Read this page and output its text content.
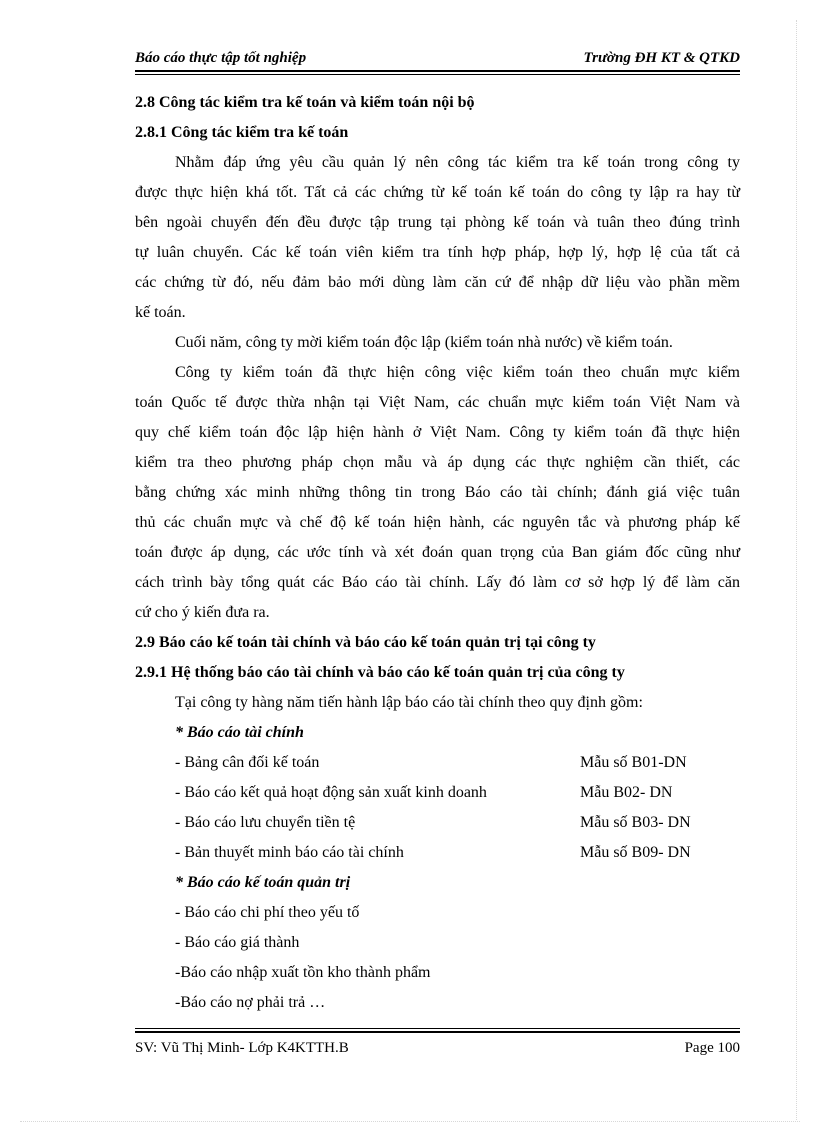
Báo cáo thực tập tốt nghiệp	Trường ĐH KT & QTKD
2.8 Công tác kiểm tra kế toán và kiểm toán nội bộ
2.8.1 Công tác kiểm tra kế toán
Nhằm đáp ứng yêu cầu quản lý nên công tác kiểm tra kế toán trong công ty
được thực hiện khá tốt. Tất cả các chứng từ kế toán kế toán do công ty lập ra hay từ
bên ngoài chuyển đến đều được tập trung tại phòng kế toán và tuân theo đúng trình
tự luân chuyển. Các kế toán viên kiểm tra tính hợp pháp, hợp lý, hợp lệ của tất cả
các chứng từ đó, nếu đảm bảo mới dùng làm căn cứ để nhập dữ liệu vào phần mềm
kế toán.
Cuối năm, công ty mời kiểm toán độc lập (kiểm toán nhà nước) về kiểm toán.
Công ty kiểm toán đã thực hiện công việc kiểm toán theo chuẩn mực kiểm
toán Quốc tế được thừa nhận tại Việt Nam, các chuẩn mực kiểm toán Việt Nam và
quy chế kiểm toán độc lập hiện hành ở Việt Nam. Công ty kiểm toán đã thực hiện
kiểm tra theo phương pháp chọn mẫu và áp dụng các thực nghiệm cần thiết, các
bằng chứng xác minh những thông tin trong Báo cáo tài chính; đánh giá việc tuân
thủ các chuẩn mực và chế độ kế toán hiện hành, các nguyên tắc và phương pháp kế
toán được áp dụng, các ước tính và xét đoán quan trọng của Ban giám đốc cũng như
cách trình bày tổng quát các Báo cáo tài chính. Lấy đó làm cơ sở hợp lý để làm căn
cứ cho ý kiến đưa ra.
2.9 Báo cáo kế toán tài chính và báo cáo kế toán quản trị tại công ty
2.9.1 Hệ thống báo cáo tài chính và báo cáo kế toán quản trị của công ty
Tại công ty hàng năm tiến hành lập báo cáo tài chính theo quy định gồm:
* Báo cáo tài chính
- Bảng cân đối kế toán	Mẫu số B01-DN
- Báo cáo kết quả hoạt động sản xuất kinh doanh	Mẫu B02- DN
- Báo cáo lưu chuyển tiền tệ	Mẫu số B03- DN
- Bản thuyết minh báo cáo tài chính	Mẫu số B09- DN
* Báo cáo kế toán quản trị
- Báo cáo chi phí theo yếu tố
- Báo cáo giá thành
-Báo cáo nhập xuất tồn kho thành phẩm
-Báo cáo nợ phải trả …
SV: Vũ Thị Minh- Lớp K4KTTH.B	Page 100
